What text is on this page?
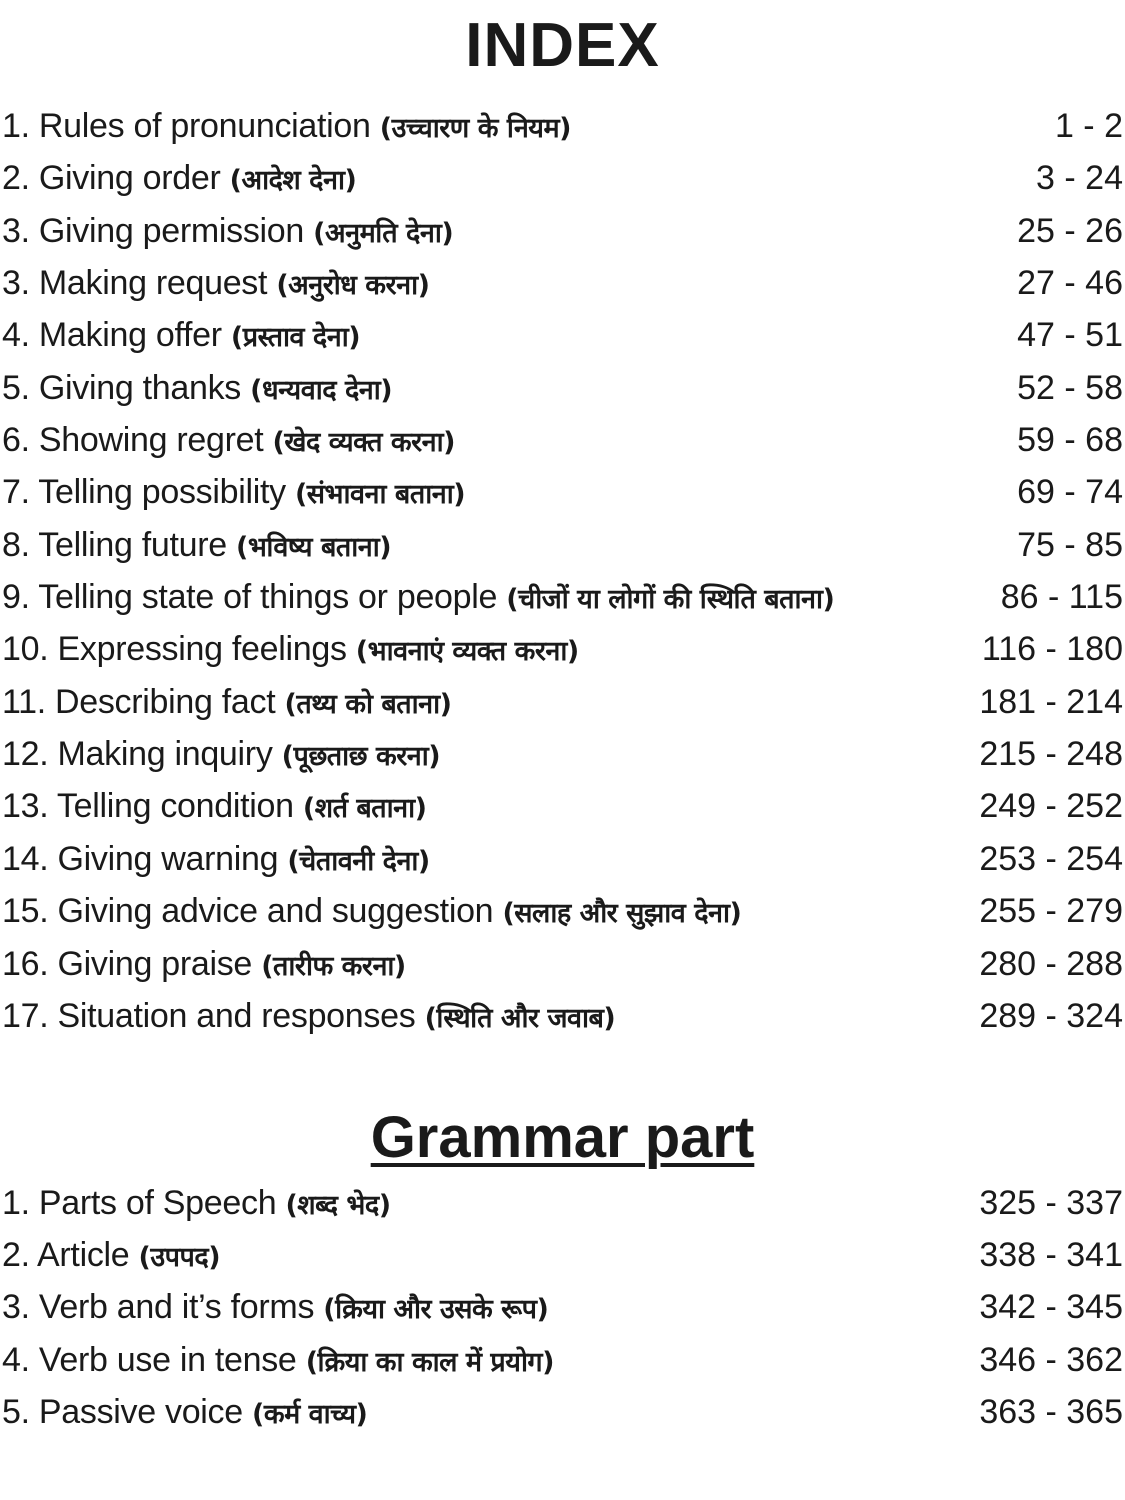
INDEX
1. Rules of pronunciation (उच्चारण के नियम)	1 - 2
2. Giving order (आदेश देना)	3 - 24
3. Giving permission (अनुमति देना)	25 - 26
3. Making request (अनुरोध करना)	27 - 46
4. Making offer (प्रस्ताव देना)	47 - 51
5. Giving thanks (धन्यवाद देना)	52 - 58
6. Showing regret (खेद व्यक्त करना)	59 - 68
7. Telling possibility (संभावना बताना)	69 - 74
8. Telling future (भविष्य बताना)	75 - 85
9. Telling state of things or people (चीजों या लोगों की स्थिति बताना)	86 - 115
10. Expressing feelings (भावनाएं व्यक्त करना)	116 - 180
11. Describing fact (तथ्य को बताना)	181 - 214
12. Making inquiry (पूछताछ करना)	215 - 248
13. Telling condition (शर्त बताना)	249 - 252
14. Giving warning (चेतावनी देना)	253 - 254
15. Giving advice and suggestion (सलाह और सुझाव देना)	255 - 279
16. Giving praise (तारीफ करना)	280 - 288
17. Situation and responses (स्थिति और जवाब)	289 - 324
Grammar part
1. Parts of Speech (शब्द भेद)	325 - 337
2. Article (उपपद)	338 - 341
3. Verb and it’s forms (क्रिया और उसके रूप)	342 - 345
4. Verb use in tense (क्रिया का काल में प्रयोग)	346 - 362
5. Passive voice (कर्म वाच्य)	363 - 365
